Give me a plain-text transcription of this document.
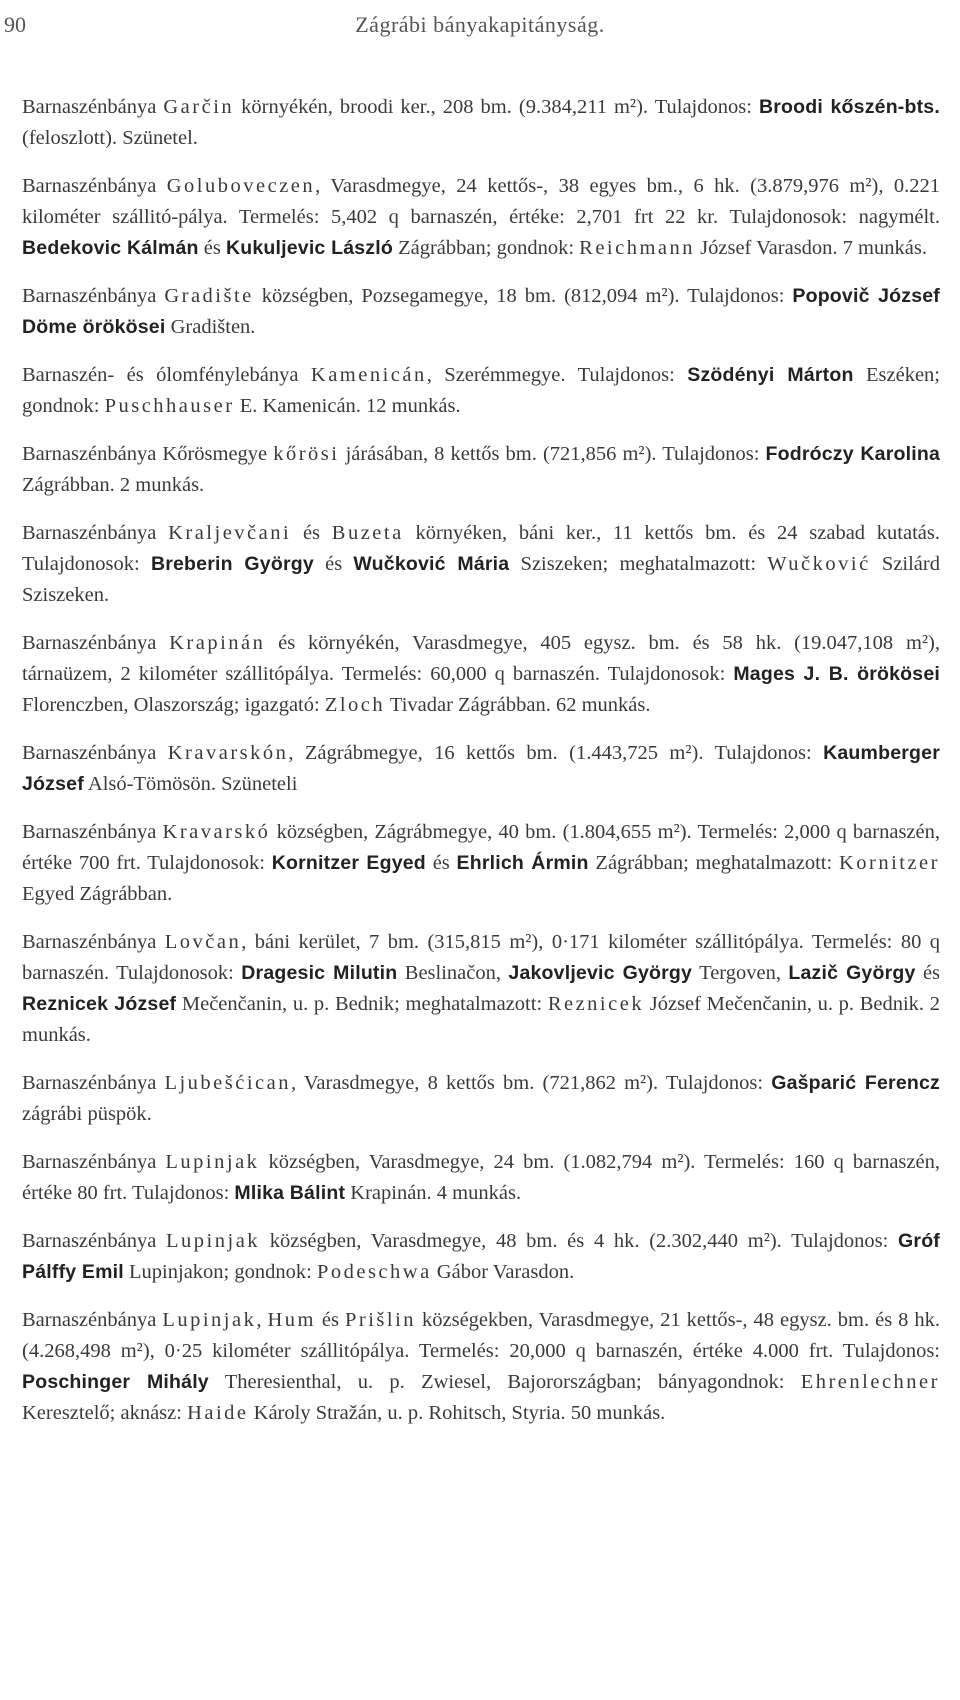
90	Zágrábi bányakapitányság.

Barnaszénbánya Garčin környékén, broodi ker., 208 bm. (9.384,211 m²). Tulajdonos: Broodi kőszén-bts. (feloszlott). Szünetel.

Barnaszénbánya Goluboveczen, Varasdmegye, 24 kettős-, 38 egyes bm., 6 hk. (3.879,976 m²), 0.221 kilométer szállitó-pálya. Termelés: 5,402 q barnaszén, értéke: 2,701 frt 22 kr. Tulajdonosok: nagymélt. Bedekovic Kálmán és Kukuljevic László Zágrábban; gondnok: Reichmann József Varasdon. 7 munkás.

Barnaszénbánya Gradište községben, Pozsegamegye, 18 bm. (812,094 m²). Tulajdonos: Popovič József Dömе örökösei Gradišten.

Barnaszén- és ólomfénylebánya Kamenicán, Szerémmegye. Tulajdonos: Szödényi Márton Eszéken; gondnok: Puschhauser E. Kamenicán. 12 munkás.

Barnaszénbánya Kőrösmegye kőrösi járásában, 8 kettős bm. (721,856 m²). Tulajdonos: Fodróczy Karolina Zágrábban. 2 munkás.

Barnaszénbánya Kraljevčani és Buzeta környéken, báni ker., 11 kettős bm. és 24 szabad kutatás. Tulajdonosok: Breberin György és Wučković Mária Sziszeken; meghatalmazott: Wučković Szilárd Sziszeken.

Barnaszénbánya Krapinán és környékén, Varasdmegye, 405 egysz. bm. és 58 hk. (19.047,108 m²), tárnaüzem, 2 kilométer szállitópálya. Termelés: 60,000 q barnaszén. Tulajdonosok: Mages J. B. örökösei Florenczben, Olaszország; igazgató: Zloch Tivadar Zágrábban. 62 munkás.

Barnaszénbánya Kravarskón, Zágrábmegye, 16 kettős bm. (1.443,725 m²). Tulajdonos: Kaumberger József Alsó-Tömösön. Szüneteli

Barnaszénbánya Kravarskó községben, Zágrábmegye, 40 bm. (1.804,655 m²). Termelés: 2,000 q barnaszén, értéke 700 frt. Tulajdonosok: Kornitzer Egyed és Ehrlich Ármin Zágrábban; meghatalmazott: Kornitzer Egyed Zágrábban.

Barnaszénbánya Lovčan, báni kerület, 7 bm. (315,815 m²), 0·171 kilométer szállitópálya. Termelés: 80 q barnaszén. Tulajdonosok: Dragesic Milutin Beslinačon, Jakovljevic György Tergoven, Lazič György és Reznicek József Mečenčanin, u. p. Bednik; meghatalmazott: Reznicek József Mečenčanin, u. p. Bednik. 2 munkás.

Barnaszénbánya Ljubešćican, Varasdmegye, 8 kettős bm. (721,862 m²). Tulajdonos: Gašparić Ferencz zágrábi püspök.

Barnaszénbánya Lupinjak községben, Varasdmegye, 24 bm. (1.082,794 m²). Termelés: 160 q barnaszén, értéke 80 frt. Tulajdonos: Mlika Bálint Krapinán. 4 munkás.

Barnaszénbánya Lupinjak községben, Varasdmegye, 48 bm. és 4 hk. (2.302,440 m²). Tulajdonos: Gróf Pálffy Emil Lupinjakon; gondnok: Podeschwa Gábor Varasdon.

Barnaszénbánya Lupinjak, Hum és Prišlin községekben, Varasdmegye, 21 kettős-, 48 egysz. bm. és 8 hk. (4.268,498 m²), 0·25 kilométer szállitópálya. Termelés: 20,000 q barnaszén, értéke 4.000 frt. Tulajdonos: Poschinger Mihály Theresienthal, u. p. Zwiesel, Bajorországban; bányagondnok: Ehrenlechner Keresztelő; aknász: Haide Károly Stražán, u. p. Rohitsch, Styria. 50 munkás.
